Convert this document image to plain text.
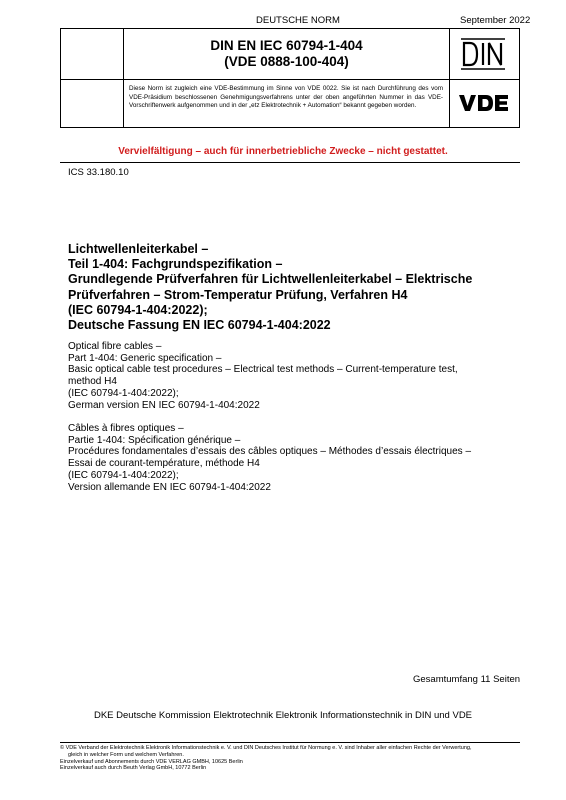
DEUTSCHE NORM	September 2022
DIN EN IEC 60794-1-404
(VDE 0888-100-404)
Diese Norm ist zugleich eine VDE-Bestimmung im Sinne von VDE 0022. Sie ist nach Durchführung des vom VDE-Präsidium beschlossenen Genehmigungsverfahrens unter der oben angeführten Nummer in das VDE-Vorschriftenwerk aufgenommen und in der „etz Elektrotechnik + Automation“ bekannt gegeben worden.
Vervielfältigung – auch für innerbetriebliche Zwecke – nicht gestattet.
ICS 33.180.10
Lichtwellenleiterkabel –
Teil 1-404: Fachgrundspezifikation –
Grundlegende Prüfverfahren für Lichtwellenleiterkabel – Elektrische
Prüfverfahren – Strom-Temperatur Prüfung, Verfahren H4
(IEC 60794-1-404:2022);
Deutsche Fassung EN IEC 60794-1-404:2022
Optical fibre cables –
Part 1-404: Generic specification –
Basic optical cable test procedures – Electrical test methods – Current-temperature test,
method H4
(IEC 60794-1-404:2022);
German version EN IEC 60794-1-404:2022
Câbles à fibres optiques –
Partie 1-404: Spécification générique –
Procédures fondamentales d’essais des câbles optiques – Méthodes d’essais électriques –
Essai de courant-température, méthode H4
(IEC 60794-1-404:2022);
Version allemande EN IEC 60794-1-404:2022
Gesamtumfang 11 Seiten
DKE Deutsche Kommission Elektrotechnik Elektronik Informationstechnik in DIN und VDE
© VDE Verband der Elektrotechnik Elektronik Informationstechnik e. V. und DIN Deutsches Institut für Normung e. V. sind Inhaber aller einfachen Rechte der Verwertung,
gleich in welcher Form und welchem Verfahren.
Einzelverkauf und Abonnements durch VDE VERLAG GMBH, 10625 Berlin
Einzelverkauf auch durch Beuth Verlag GmbH, 10772 Berlin
